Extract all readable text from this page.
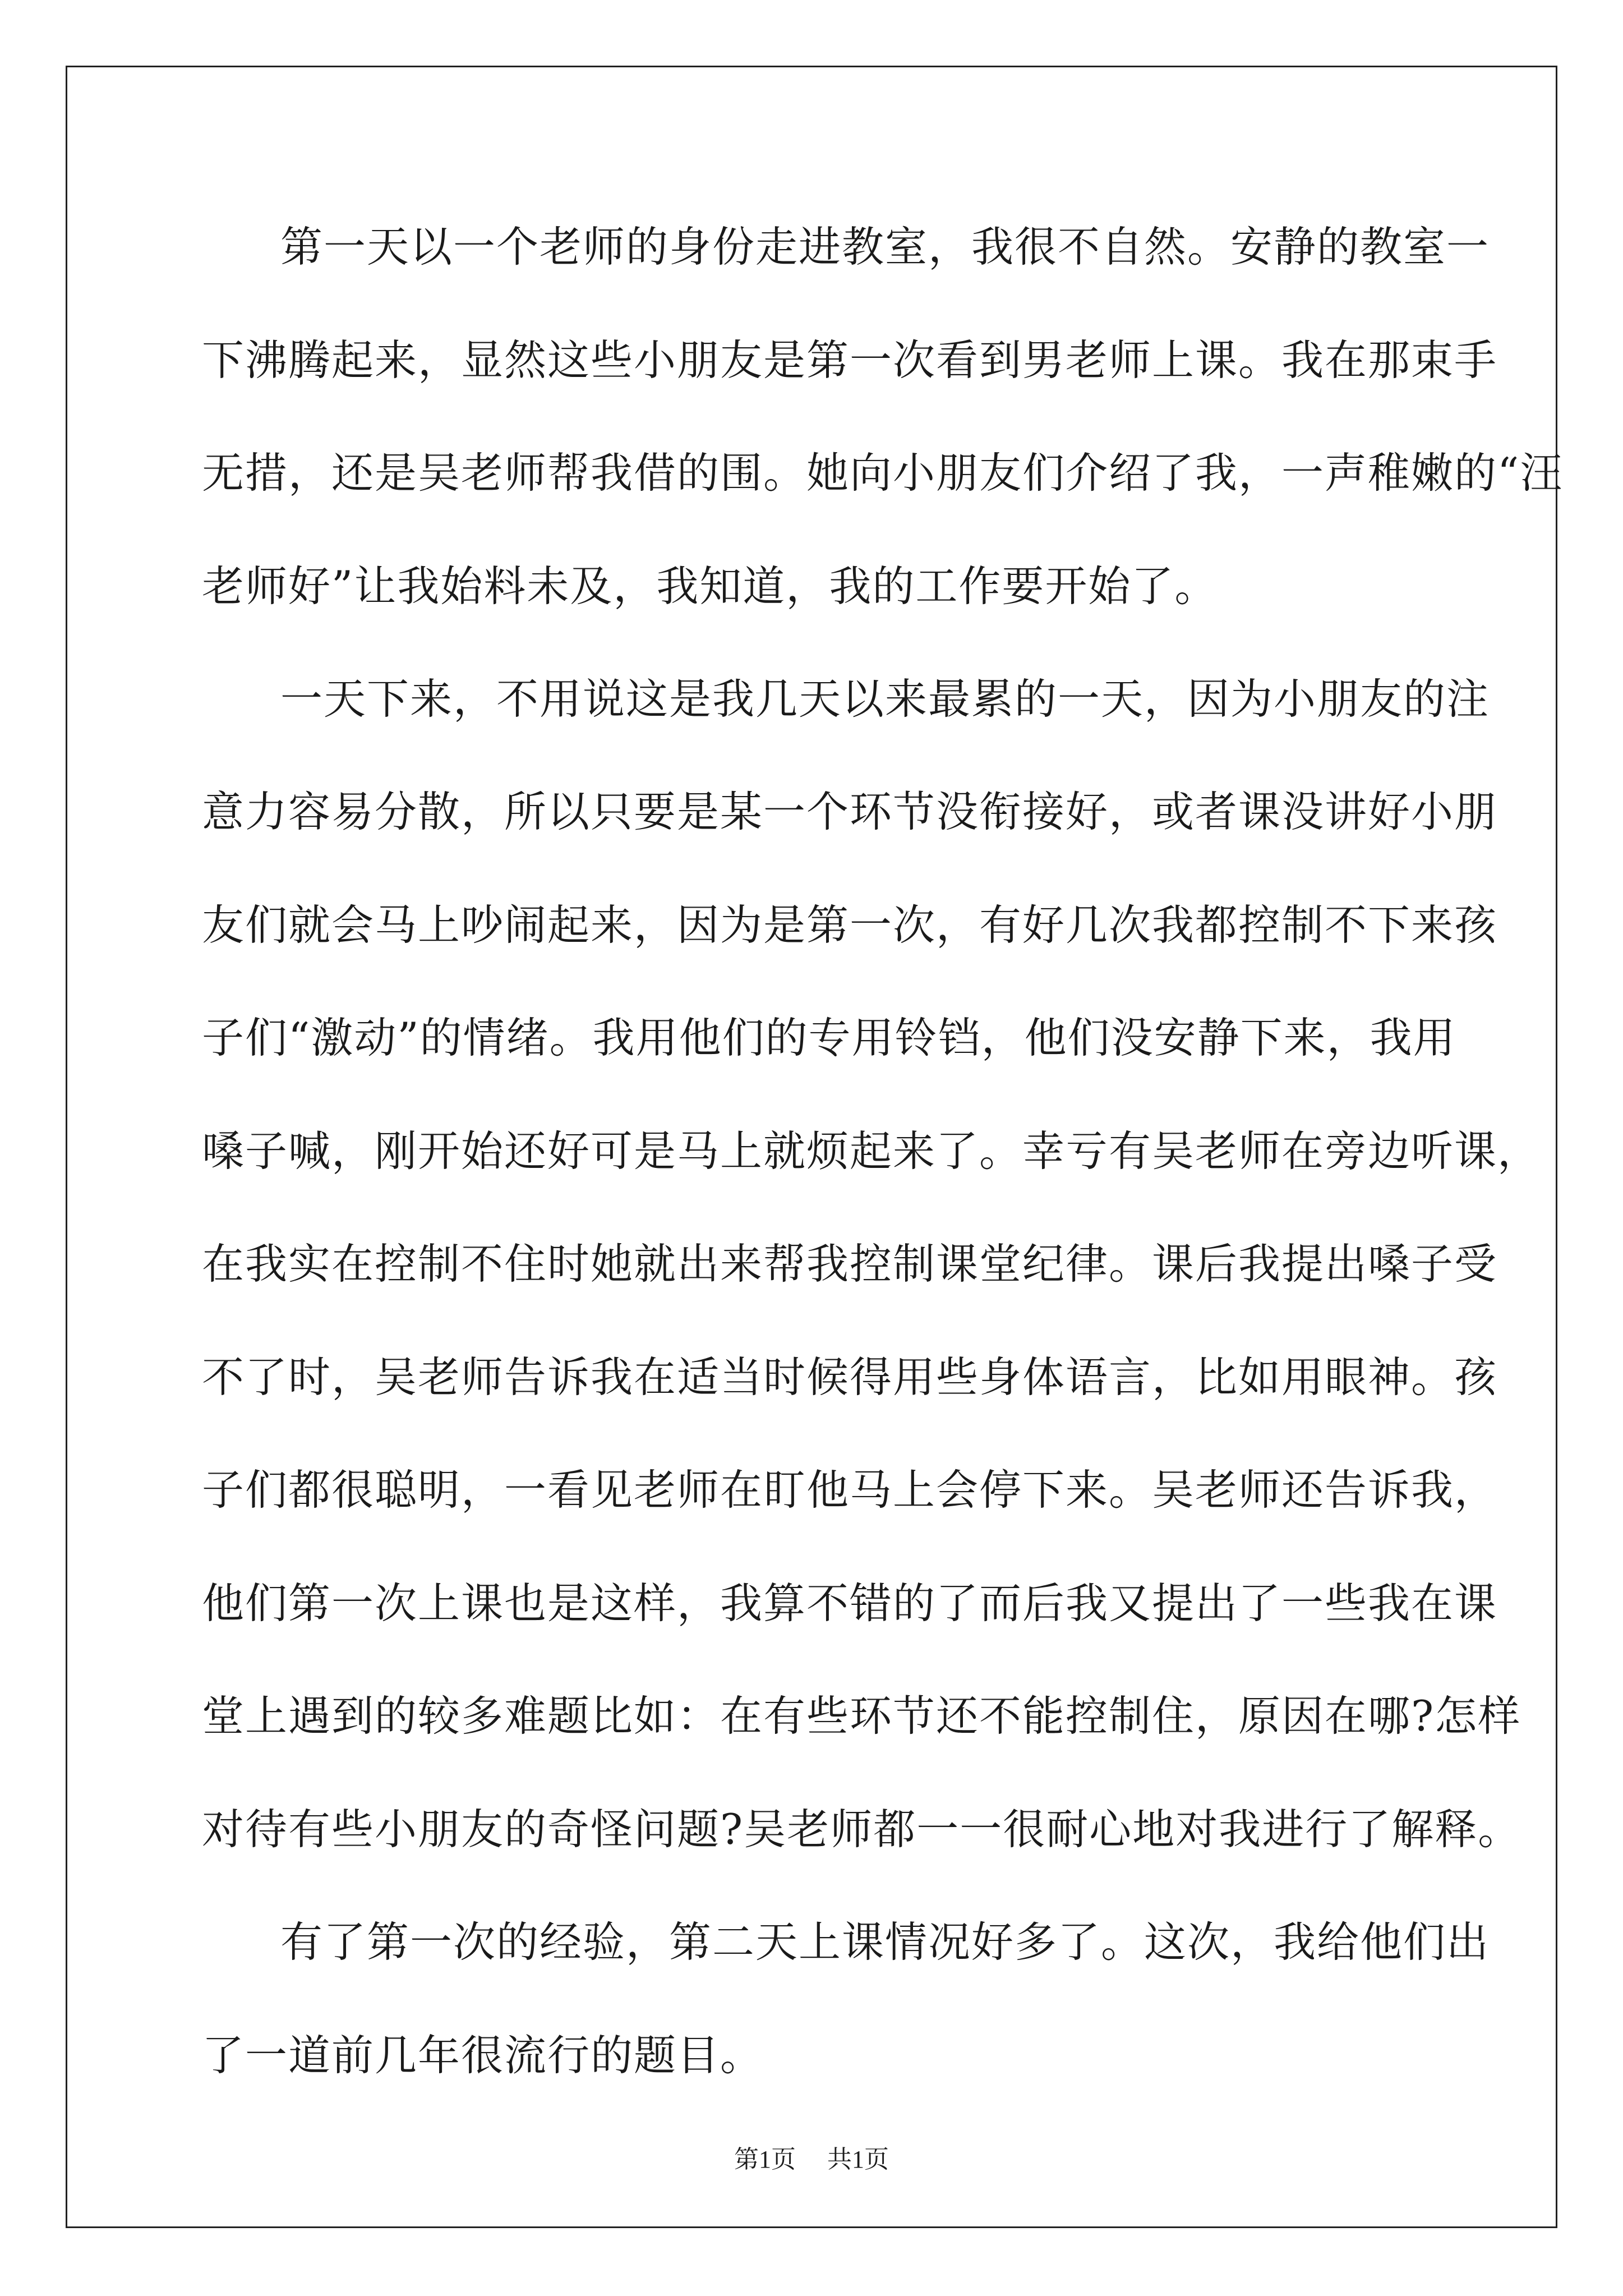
第一天以一个老师的身份走进教室，我很不自然。安静的教室一
下沸腾起来，显然这些小朋友是第一次看到男老师上课。我在那束手
无措，还是吴老师帮我借的围。她向小朋友们介绍了我，一声稚嫩的“汪
老师好”让我始料未及，我知道，我的工作要开始了。
一天下来，不用说这是我几天以来最累的一天，因为小朋友的注
意力容易分散，所以只要是某一个环节没衔接好，或者课没讲好小朋
友们就会马上吵闹起来，因为是第一次，有好几次我都控制不下来孩
子们“激动”的情绪。我用他们的专用铃铛，他们没安静下来，我用
嗓子喊，刚开始还好可是马上就烦起来了。幸亏有吴老师在旁边听课，
在我实在控制不住时她就出来帮我控制课堂纪律。课后我提出嗓子受
不了时，吴老师告诉我在适当时候得用些身体语言，比如用眼神。孩
子们都很聪明，一看见老师在盯他马上会停下来。吴老师还告诉我，
他们第一次上课也是这样，我算不错的了而后我又提出了一些我在课
堂上遇到的较多难题比如：在有些环节还不能控制住，原因在哪?怎样
对待有些小朋友的奇怪问题?吴老师都一一很耐心地对我进行了解释。
有了第一次的经验，第二天上课情况好多了。这次，我给他们出
了一道前几年很流行的题目。
第1页 共1页
